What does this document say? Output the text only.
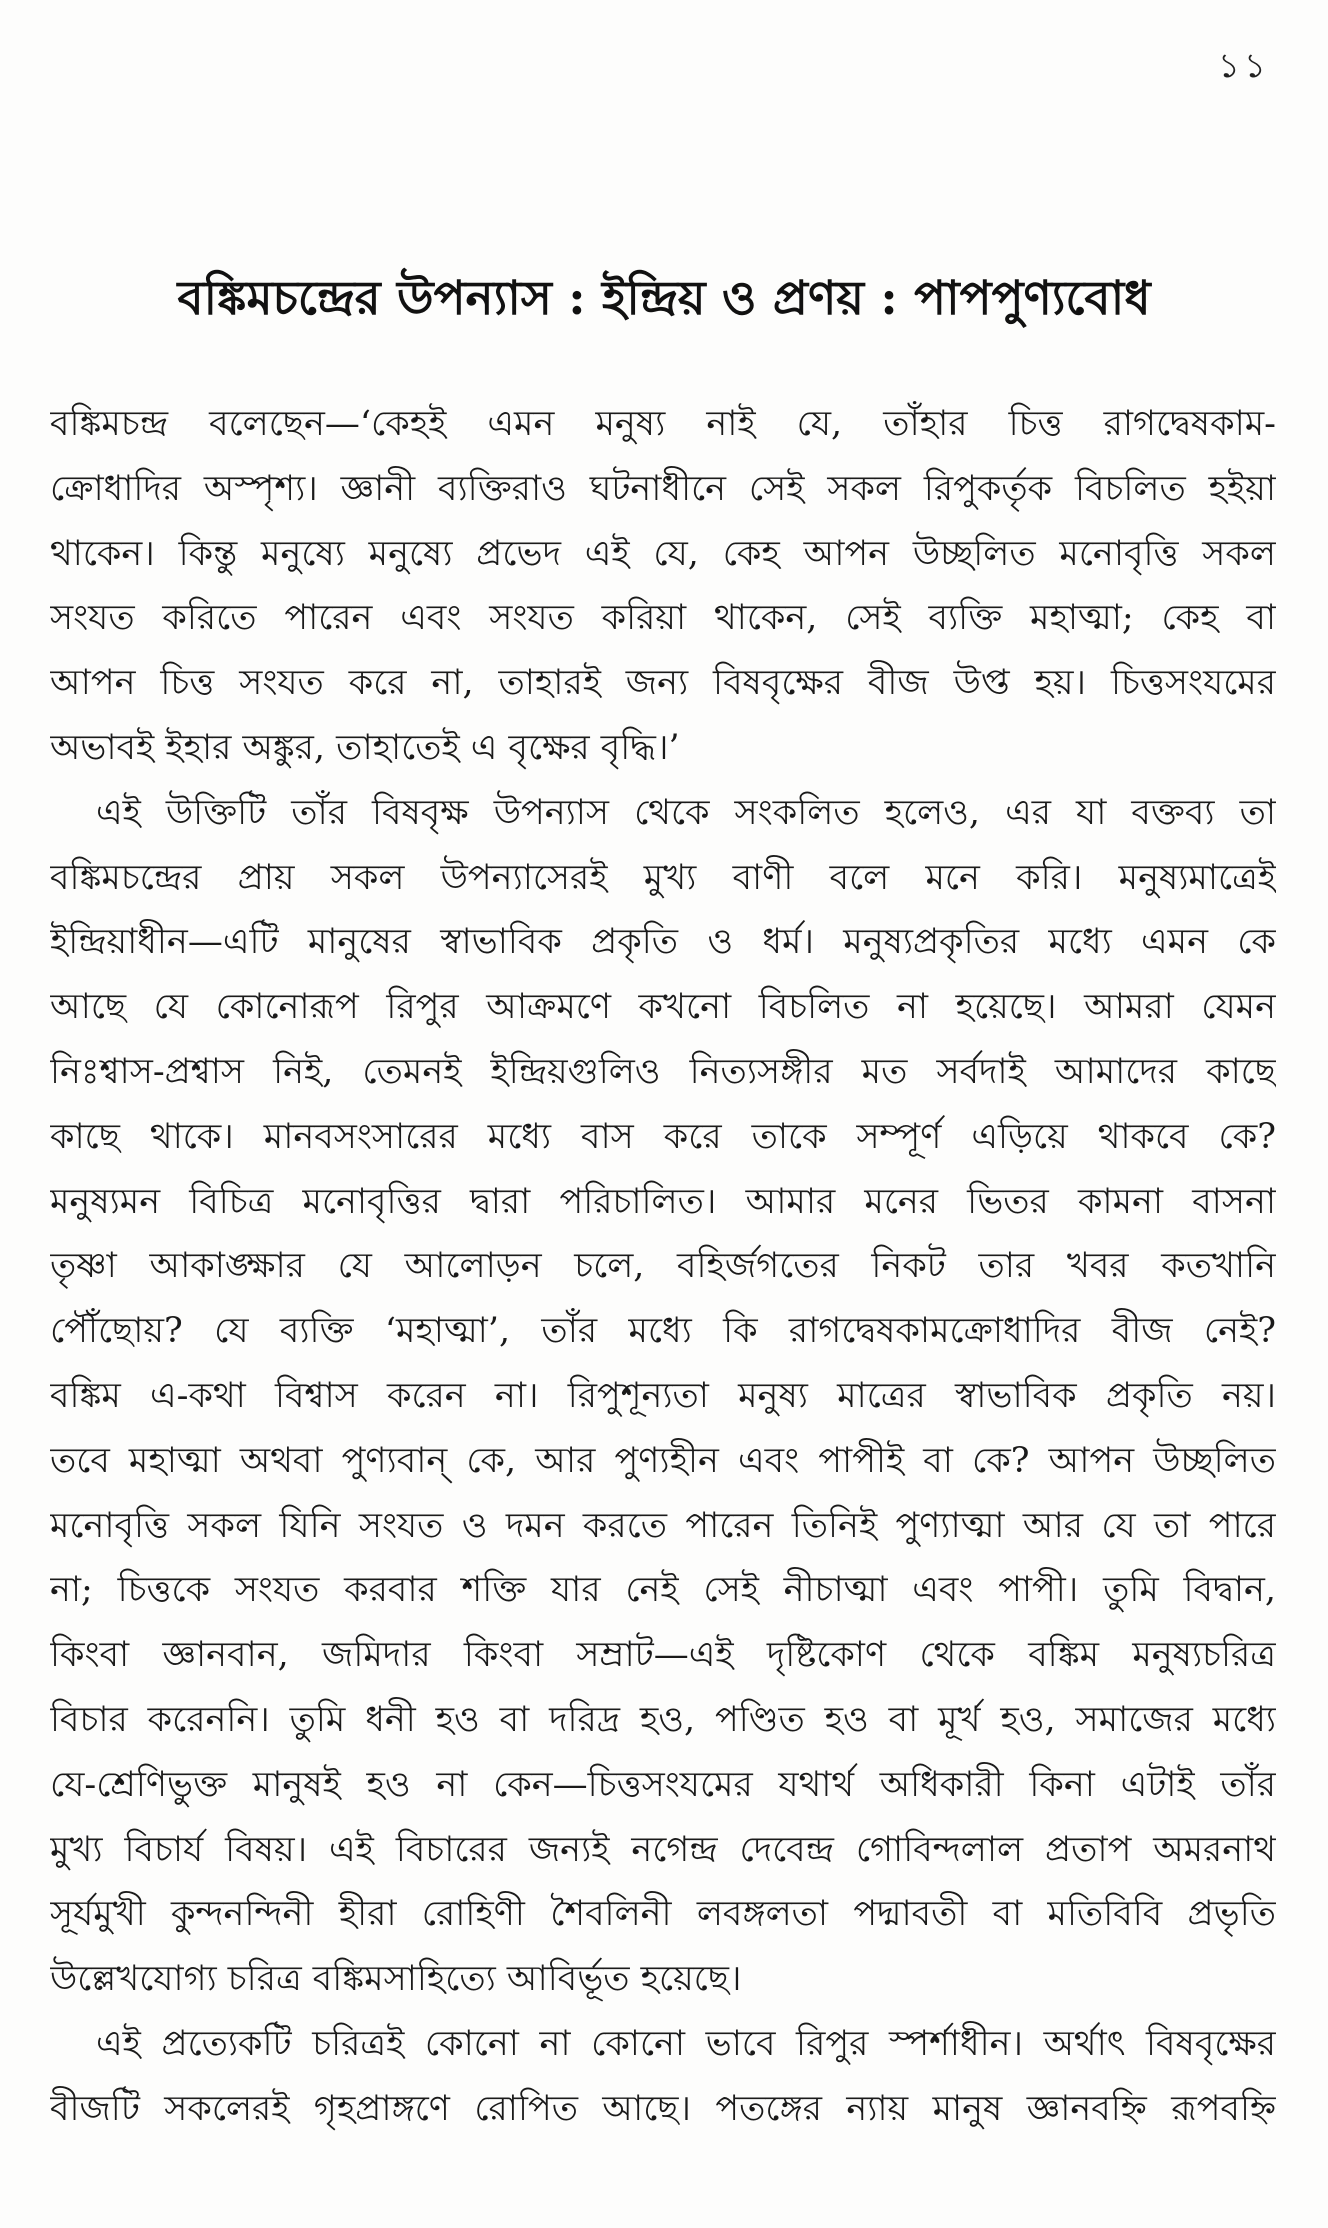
১১
বঙ্কিমচন্দ্রের উপন্যাস : ইন্দ্রিয় ও প্রণয় : পাপপুণ্যবোধ
বঙ্কিমচন্দ্র বলেছেন—‘কেহই এমন মনুষ্য নাই যে, তাঁহার চিত্ত রাগদ্বেষকাম-
ক্রোধাদির অস্পৃশ্য। জ্ঞানী ব্যক্তিরাও ঘটনাধীনে সেই সকল রিপুকর্তৃক বিচলিত হইয়া
থাকেন। কিন্তু মনুষ্যে মনুষ্যে প্রভেদ এই যে, কেহ আপন উচ্ছলিত মনোবৃত্তি সকল
সংযত করিতে পারেন এবং সংযত করিয়া থাকেন, সেই ব্যক্তি মহাত্মা; কেহ বা
আপন চিত্ত সংযত করে না, তাহারই জন্য বিষবৃক্ষের বীজ উপ্ত হয়। চিত্তসংযমের
অভাবই ইহার অঙ্কুর, তাহাতেই এ বৃক্ষের বৃদ্ধি।’
এই উক্তিটি তাঁর বিষবৃক্ষ উপন্যাস থেকে সংকলিত হলেও, এর যা বক্তব্য তা
বঙ্কিমচন্দ্রের প্রায় সকল উপন্যাসেরই মুখ্য বাণী বলে মনে করি। মনুষ্যমাত্রেই
ইন্দ্রিয়াধীন—এটি মানুষের স্বাভাবিক প্রকৃতি ও ধর্ম। মনুষ্যপ্রকৃতির মধ্যে এমন কে
আছে যে কোনোরূপ রিপুর আক্রমণে কখনো বিচলিত না হয়েছে। আমরা যেমন
নিঃশ্বাস-প্রশ্বাস নিই, তেমনই ইন্দ্রিয়গুলিও নিত্যসঙ্গীর মত সর্বদাই আমাদের কাছে
কাছে থাকে। মানবসংসারের মধ্যে বাস করে তাকে সম্পূর্ণ এড়িয়ে থাকবে কে?
মনুষ্যমন বিচিত্র মনোবৃত্তির দ্বারা পরিচালিত। আমার মনের ভিতর কামনা বাসনা
তৃষ্ণা আকাঙ্ক্ষার যে আলোড়ন চলে, বহির্জগতের নিকট তার খবর কতখানি
পৌঁছোয়? যে ব্যক্তি ‘মহাত্মা’, তাঁর মধ্যে কি রাগদ্বেষকামক্রোধাদির বীজ নেই?
বঙ্কিম এ-কথা বিশ্বাস করেন না। রিপুশূন্যতা মনুষ্য মাত্রের স্বাভাবিক প্রকৃতি নয়।
তবে মহাত্মা অথবা পুণ্যবান্ কে, আর পুণ্যহীন এবং পাপীই বা কে? আপন উচ্ছলিত
মনোবৃত্তি সকল যিনি সংযত ও দমন করতে পারেন তিনিই পুণ্যাত্মা আর যে তা পারে
না; চিত্তকে সংযত করবার শক্তি যার নেই সেই নীচাত্মা এবং পাপী। তুমি বিদ্বান,
কিংবা জ্ঞানবান, জমিদার কিংবা সম্রাট—এই দৃষ্টিকোণ থেকে বঙ্কিম মনুষ্যচরিত্র
বিচার করেননি। তুমি ধনী হও বা দরিদ্র হও, পণ্ডিত হও বা মূর্খ হও, সমাজের মধ্যে
যে-শ্রেণিভুক্ত মানুষই হও না কেন—চিত্তসংযমের যথার্থ অধিকারী কিনা এটাই তাঁর
মুখ্য বিচার্য বিষয়। এই বিচারের জন্যই নগেন্দ্র দেবেন্দ্র গোবিন্দলাল প্রতাপ অমরনাথ
সূর্যমুখী কুন্দনন্দিনী হীরা রোহিণী শৈবলিনী লবঙ্গলতা পদ্মাবতী বা মতিবিবি প্রভৃতি
উল্লেখযোগ্য চরিত্র বঙ্কিমসাহিত্যে আবির্ভূত হয়েছে।
এই প্রত্যেকটি চরিত্রই কোনো না কোনো ভাবে রিপুর স্পর্শাধীন। অর্থাৎ বিষবৃক্ষের
বীজটি সকলেরই গৃহপ্রাঙ্গণে রোপিত আছে। পতঙ্গের ন্যায় মানুষ জ্ঞানবহ্নি রূপবহ্নি
